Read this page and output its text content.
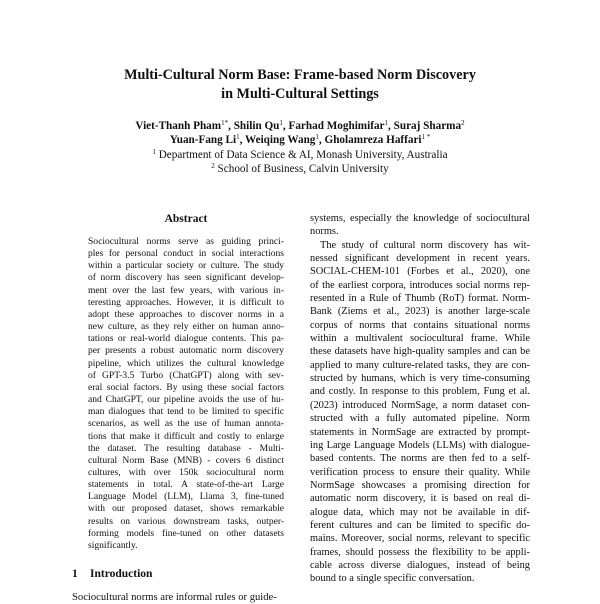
Multi-Cultural Norm Base: Frame-based Norm Discovery
in Multi-Cultural Settings
Viet-Thanh Pham$^{1*}$, Shilin Qu$^1$, Farhad Moghimifar$^1$, Suraj Sharma$^2$
Yuan-Fang Li$^1$, Weiqing Wang$^1$, Gholamreza Haffari$^{1 *}$
$^1$ Department of Data Science & AI, Monash University, Australia
$^2$ School of Business, Calvin University
Abstract
Sociocultural norms serve as guiding princi-
ples for personal conduct in social interactions
within a particular society or culture. The study
of norm discovery has seen significant develop-
ment over the last few years, with various in-
teresting approaches. However, it is difficult to
adopt these approaches to discover norms in a
new culture, as they rely either on human anno-
tations or real-world dialogue contents. This pa-
per presents a robust automatic norm discovery
pipeline, which utilizes the cultural knowledge
of GPT-3.5 Turbo (ChatGPT) along with sev-
eral social factors. By using these social factors
and ChatGPT, our pipeline avoids the use of hu-
man dialogues that tend to be limited to specific
scenarios, as well as the use of human annota-
tions that make it difficult and costly to enlarge
the dataset. The resulting database - Multi-
cultural Norm Base (MNB) - covers 6 distinct
cultures, with over 150k sociocultural norm
statements in total. A state-of-the-art Large
Language Model (LLM), Llama 3, fine-tuned
with our proposed dataset, shows remarkable
results on various downstream tasks, outper-
forming models fine-tuned on other datasets
significantly.
1 Introduction
Sociocultural norms are informal rules or guide-
systems, especially the knowledge of sociocultural
norms.
The study of cultural norm discovery has wit-
nessed significant development in recent years.
SOCIAL-CHEM-101 (Forbes et al., 2020), one
of the earliest corpora, introduces social norms rep-
resented in a Rule of Thumb (RoT) format. Norm-
Bank (Ziems et al., 2023) is another large-scale
corpus of norms that contains situational norms
within a multivalent sociocultural frame. While
these datasets have high-quality samples and can be
applied to many culture-related tasks, they are con-
structed by humans, which is very time-consuming
and costly. In response to this problem, Fung et al.
(2023) introduced NormSage, a norm dataset con-
structed with a fully automated pipeline. Norm
statements in NormSage are extracted by prompt-
ing Large Language Models (LLMs) with dialogue-
based contents. The norms are then fed to a self-
verification process to ensure their quality. While
NormSage showcases a promising direction for
automatic norm discovery, it is based on real di-
alogue data, which may not be available in dif-
ferent cultures and can be limited to specific do-
mains. Moreover, social norms, relevant to specific
frames, should possess the flexibility to be appli-
cable across diverse dialogues, instead of being
bound to a single specific conversation.
